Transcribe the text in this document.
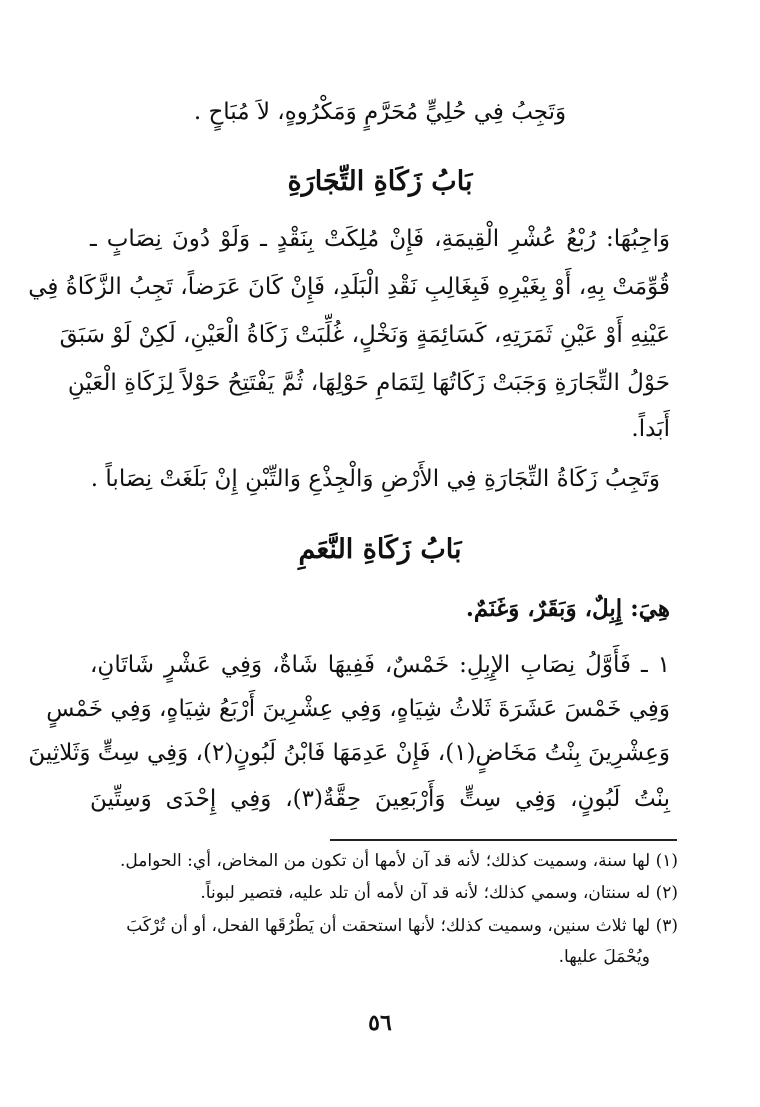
وَتَجِبُ فِي حُلِيٍّ مُحَرَّمٍ وَمَكْرُوهٍ، لاَ مُبَاحٍ .
بَابُ زَكَاةِ التِّجَارَةِ
وَاجِبُهَا: رُبْعُ عُشْرِ الْقِيمَةِ، فَإِنْ مُلِكَتْ بِنَقْدٍ ـ وَلَوْ دُونَ نِصَابٍ ـ
قُوِّمَتْ بِهِ، أَوْ بِغَيْرِهِ فَبِغَالِبِ نَقْدِ الْبَلَدِ، فَإِنْ كَانَ عَرَضاً، تَجِبُ الزَّكَاةُ فِي
عَيْنِهِ أَوْ عَيْنِ ثَمَرَتِهِ، كَسَائِمَةٍ وَنَخْلٍ، غُلِّبَتْ زَكَاةُ الْعَيْنِ، لَكِنْ لَوْ سَبَقَ
حَوْلُ التِّجَارَةِ وَجَبَتْ زَكَاتُهَا لِتَمَامِ حَوْلِهَا، ثُمَّ يَفْتَتِحُ حَوْلاً لِزَكَاةِ الْعَيْنِ
أَبَداً.
وَتَجِبُ زَكَاةُ التِّجَارَةِ فِي الأَرْضِ وَالْجِذْعِ وَالتِّبْنِ إِنْ بَلَغَتْ نِصَاباً .
بَابُ زَكَاةِ النَّعَمِ
هِيَ: إِبِلٌ، وَبَقَرٌ، وَغَنَمٌ.
١ ـ فَأَوَّلُ نِصَابِ الإِبِلِ: خَمْسٌ، فَفِيهَا شَاةٌ، وَفِي عَشْرٍ شَاتَانِ،
وَفِي خَمْسَ عَشَرَةَ ثَلاثُ شِيَاهٍ، وَفِي عِشْرِينَ أَرْبَعُ شِيَاهٍ، وَفِي خَمْسٍ
وَعِشْرِينَ بِنْتُ مَخَاضٍ(١)، فَإِنْ عَدِمَهَا فَابْنُ لَبُونٍ(٢)، وَفِي سِتٍّ وَثَلاثِينَ
بِنْتُ لَبُونٍ، وَفِي سِتٍّ وَأَرْبَعِينَ حِقَّةٌ(٣)، وَفِي إِحْدَى وَسِتِّينَ
(١) لها سنة، وسميت كذلك؛ لأنه قد آن لأمها أن تكون من المخاض، أي: الحوامل.
(٢) له سنتان، وسمي كذلك؛ لأنه قد آن لأمه أن تلد عليه، فتصير لبوناً.
(٣) لها ثلاث سنين، وسميت كذلك؛ لأنها استحقت أن يَطْرُقَها الفحل، أو أن تُرْكَبَ
ويُحْمَلَ عليها.
٥٦
